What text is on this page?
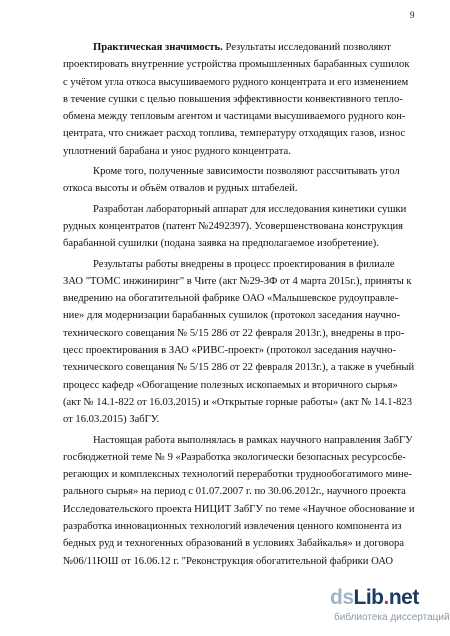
9

Практическая значимость. Результаты исследований позволяют
проектировать внутренние устройства промышленных барабанных сушилок
с учётом угла откоса высушиваемого рудного концентрата и его изменением
в течение сушки с целью повышения эффективности конвективного тепло-
обмена между тепловым агентом и частицами высушиваемого рудного кон-
центрата, что снижает расход топлива, температуру отходящих газов, износ
уплотнений барабана и унос рудного концентрата.

Кроме того, полученные зависимости позволяют рассчитывать угол
откоса высоты и объём отвалов и рудных штабелей.

Разработан лабораторный аппарат для исследования кинетики сушки
рудных концентратов (патент №2492397). Усовершенствована конструкция
барабанной сушилки (подана заявка на предполагаемое изобретение).

Результаты работы внедрены в процесс проектирования в филиале
ЗАО "ТОМС инжиниринг" в Чите (акт №29-ЗФ от 4 марта 2015г.), приняты к
внедрению на обогатительной фабрике ОАО «Малышевское рудоуправле-
ние» для модернизации барабанных сушилок (протокол заседания научно-
технического совещания № 5/15 286 от 22 февраля 2013г.), внедрены в про-
цесс проектирования в ЗАО «РИВС-проект» (протокол заседания научно-
технического совещания № 5/15 286 от 22 февраля 2013г.), а также в учебный
процесс кафедр «Обогащение полезных ископаемых и вторичного сырья»
(акт № 14.1-822 от 16.03.2015) и «Открытые горные работы» (акт № 14.1-823
от 16.03.2015) ЗабГУ.

Настоящая работа выполнялась в рамках научного направления ЗабГУ
госбюджетной теме № 9 «Разработка экологически безопасных ресурсосбе-
регающих и комплексных технологий переработки труднообогатимого мине-
рального сырья» на период с 01.07.2007 г. по 30.06.2012г., научного проекта
Исследовательского проекта НИЦИТ ЗабГУ по теме «Научное обоснование и
разработка инновационных технологий извлечения ценного компонента из
бедных руд и техногенных образований в условиях Забайкалья» и договора
№06/11ЮШ от 16.06.12 г. "Реконструкция обогатительной фабрики ОАО

dsLib.net
библиотека диссертаций
